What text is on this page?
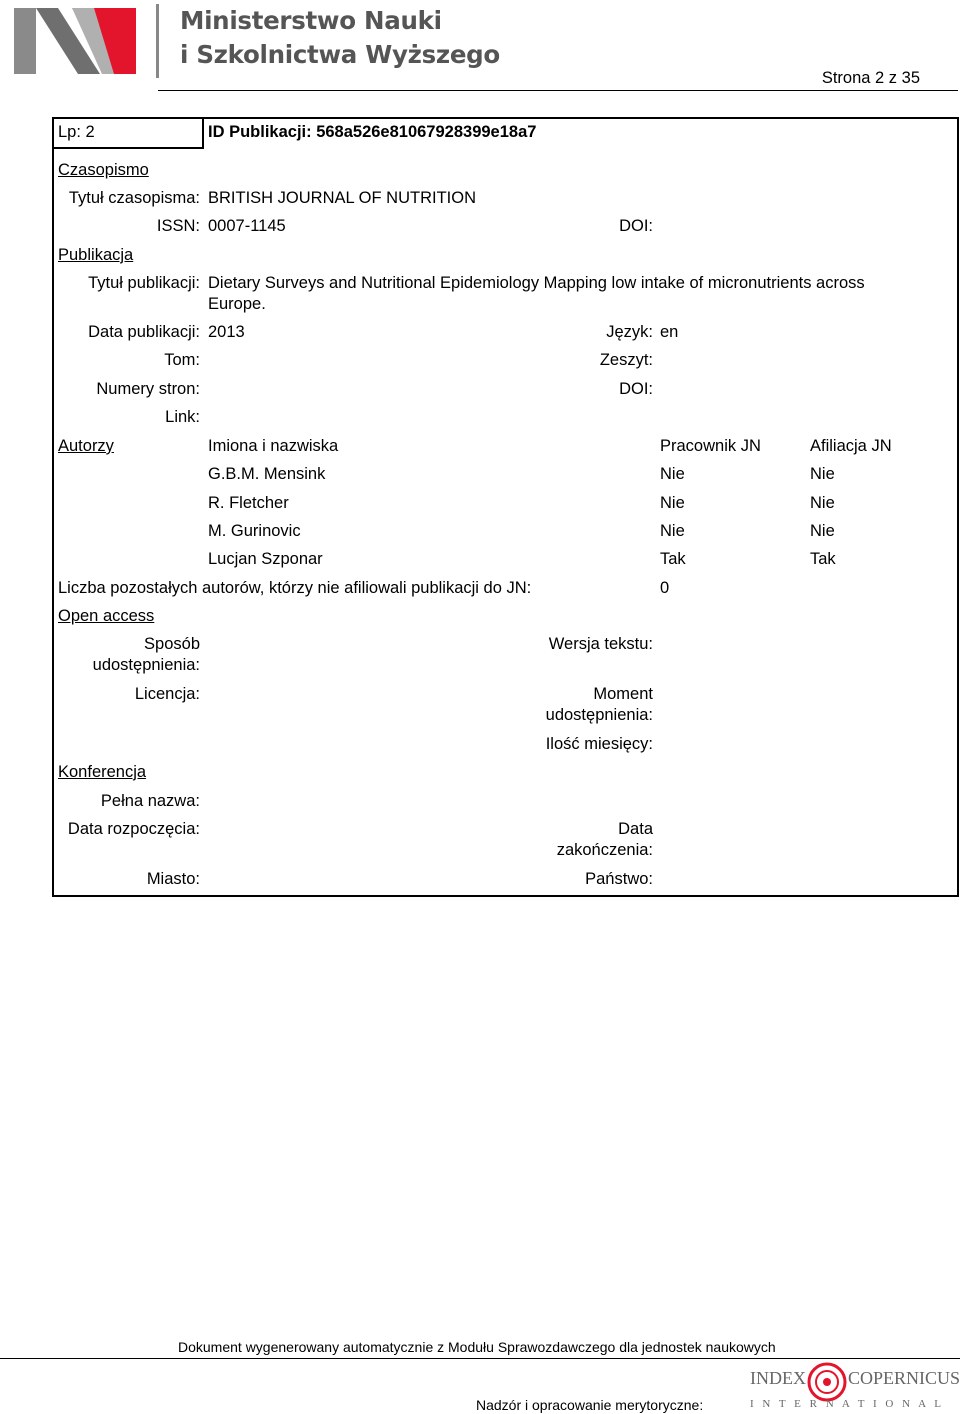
Ministerstwo Nauki
i Szkolnictwa Wyższego
Strona 2 z 35
Lp: 2	ID Publikacji: 568a526e81067928399e18a7
Czasopismo
Tytuł czasopisma: BRITISH JOURNAL OF NUTRITION
ISSN: 0007-1145	DOI:
Publikacja
Tytuł publikacji: Dietary Surveys and Nutritional Epidemiology Mapping low intake of micronutrients across
Europe.
Data publikacji: 2013	Język: en
Tom:	Zeszyt:
Numery stron:	DOI:
Link:
Autorzy	Imiona i nazwiska	Pracownik JN	Afiliacja JN
G.B.M. Mensink	Nie	Nie
R. Fletcher	Nie	Nie
M. Gurinovic	Nie	Nie
Lucjan Szponar	Tak	Tak
Liczba pozostałych autorów, którzy nie afiliowali publikacji do JN:	0
Open access
Sposób
udostępnienia:
Wersja tekstu:
Licencja:	Moment
udostępnienia:
Ilość miesięcy:
Konferencja
Pełna nazwa:
Data rozpoczęcia:	Data
zakończenia:
Miasto:	Państwo:
Dokument wygenerowany automatycznie z Modułu Sprawozdawczego dla jednostek naukowych
Nadzór i opracowanie merytoryczne:
INDEX COPERNICUS
I N T E R N A T I O N A L
